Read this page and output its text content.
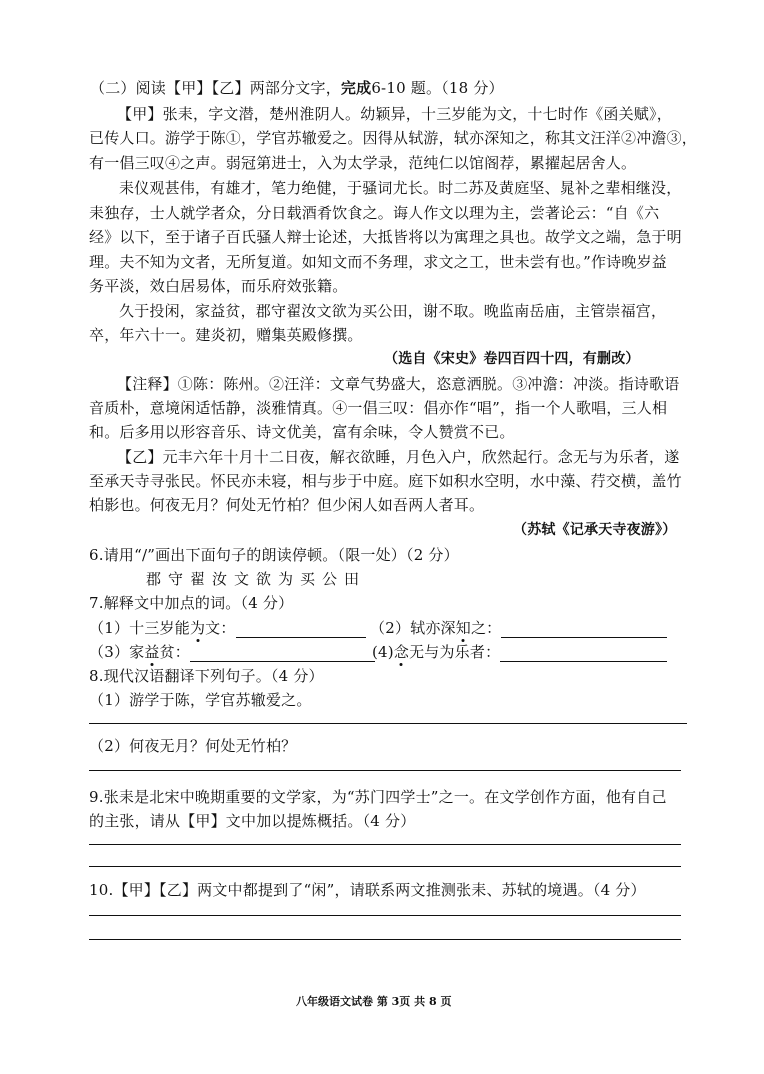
（二）阅读【甲】【乙】两部分文字，完成6-10 题。（18 分）
【甲】张耒，字文潜，楚州淮阴人。幼颖异，十三岁能为文，十七时作《函关赋》，
已传人口。游学于陈①，学官苏辙爱之。因得从轼游，轼亦深知之，称其文汪洋②冲澹③，
有一倡三叹④之声。弱冠第进士，入为太学录，范纯仁以馆阁荐，累擢起居舍人。
耒仪观甚伟，有雄才，笔力绝健，于骚词尤长。时二苏及黄庭坚、晁补之辈相继没，
耒独存，士人就学者众，分日载酒肴饮食之。诲人作文以理为主，尝著论云：“自《六
经》以下，至于诸子百氏骚人辩士论述，大抵皆将以为寓理之具也。故学文之端，急于明
理。夫不知为文者，无所复道。如知文而不务理，求文之工，世未尝有也。”作诗晚岁益
务平淡，效白居易体，而乐府效张籍。
久于投闲，家益贫，郡守翟汝文欲为买公田，谢不取。晚监南岳庙，主管崇福宫，
卒，年六十一。建炎初，赠集英殿修撰。
（选自《宋史》卷四百四十四，有删改）
【注释】①陈：陈州。②汪洋：文章气势盛大，恣意洒脱。③冲澹：冲淡。指诗歌语
音质朴，意境闲适恬静，淡雅情真。④一倡三叹：倡亦作“唱”，指一个人歌唱，三人相
和。后多用以形容音乐、诗文优美，富有余味，令人赞赏不已。
【乙】元丰六年十月十二日夜，解衣欲睡，月色入户，欣然起行。念无与为乐者，遂
至承天寺寻张民。怀民亦未寝，相与步于中庭。庭下如积水空明，水中藻、荇交横，盖竹
柏影也。何夜无月？何处无竹柏？但少闲人如吾两人者耳。
（苏轼《记承天寺夜游》）
6.请用“/”画出下面句子的朗读停顿。（限一处）（2 分）
郡守翟汝文欲为买公田
7.解释文中加点的词。（4 分）
（1）十三岁能为文：	（2）轼亦深知之：
（3）家益贫：	(4)念无与为乐者：
8.现代汉语翻译下列句子。（4 分）
（1）游学于陈，学官苏辙爱之。
（2）何夜无月？何处无竹柏？
9.张耒是北宋中晚期重要的文学家，为“苏门四学士”之一。在文学创作方面，他有自己
的主张，请从【甲】文中加以提炼概括。（4 分）
10.【甲】【乙】两文中都提到了“闲”，请联系两文推测张耒、苏轼的境遇。（4 分）
八年级语文试卷 第 3页 共 8 页
